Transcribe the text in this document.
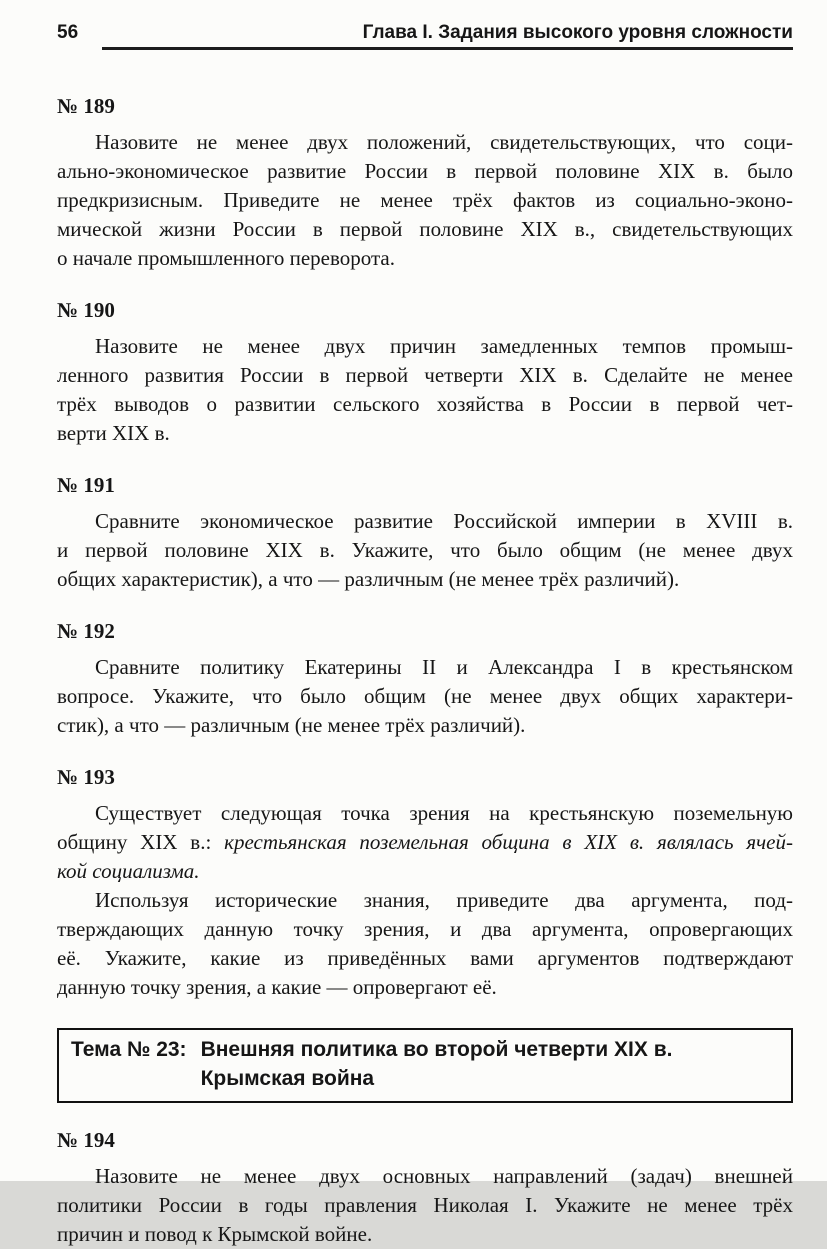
56	Глава I. Задания высокого уровня сложности
№ 189

Назовите не менее двух положений, свидетельствующих, что соци-
ально-экономическое развитие России в первой половине XIX в. было
предкризисным. Приведите не менее трёх фактов из социально-эконо-
мической жизни России в первой половине XIX в., свидетельствующих
о начале промышленного переворота.

№ 190

Назовите не менее двух причин замедленных темпов промыш-
ленного развития России в первой четверти XIX в. Сделайте не менее
трёх выводов о развитии сельского хозяйства в России в первой чет-
верти XIX в.

№ 191

Сравните экономическое развитие Российской империи в XVIII в.
и первой половине XIX в. Укажите, что было общим (не менее двух
общих характеристик), а что — различным (не менее трёх различий).

№ 192

Сравните политику Екатерины II и Александра I в крестьянском
вопросе. Укажите, что было общим (не менее двух общих характери-
стик), а что — различным (не менее трёх различий).

№ 193

Существует следующая точка зрения на крестьянскую поземельную
общину XIX в.: крестьянская поземельная община в XIX в. являлась ячей-
кой социализма.

Используя исторические знания, приведите два аргумента, под-
тверждающих данную точку зрения, и два аргумента, опровергающих
её. Укажите, какие из приведённых вами аргументов подтверждают
данную точку зрения, а какие — опровергают её.

Тема № 23: Внешняя политика во второй четверти XIX в.
Крымская война
№ 194

Назовите не менее двух основных направлений (задач) внешней
политики России в годы правления Николая I. Укажите не менее трёх
причин и повод к Крымской войне.
